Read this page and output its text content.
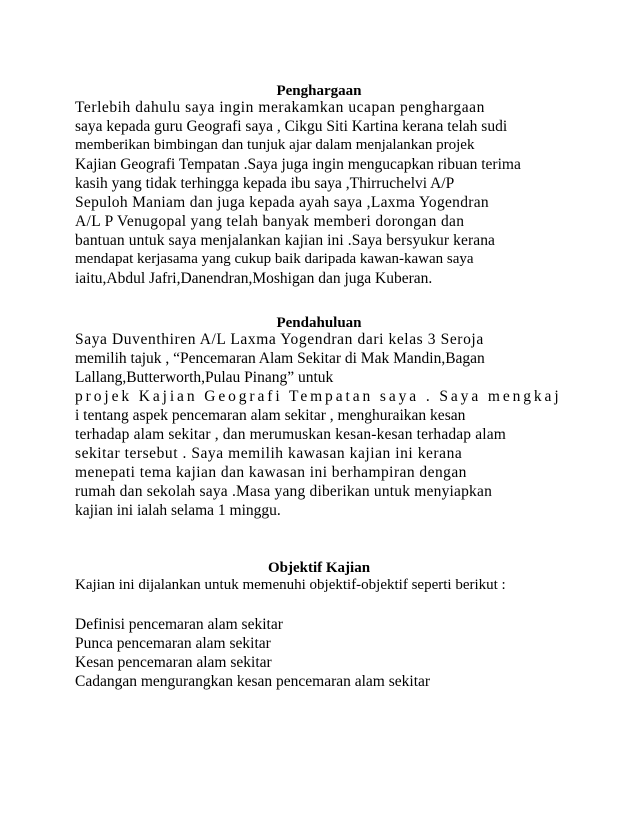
Penghargaan

Terlebih dahulu saya ingin merakamkan ucapan penghargaan

saya kepada guru Geografi saya , Cikgu Siti Kartina kerana telah sudi

memberikan bimbingan dan tunjuk ajar dalam menjalankan projek

Kajian Geografi Tempatan .Saya juga ingin mengucapkan ribuan terima

kasih yang tidak terhingga kepada ibu saya ,Thirruchelvi A/P

Sepuloh Maniam dan juga kepada ayah saya ,Laxma Yogendran

A/L P Venugopal yang telah banyak memberi dorongan dan

bantuan untuk saya menjalankan kajian ini .Saya bersyukur kerana

mendapat kerjasama yang cukup baik daripada kawan-kawan saya

iaitu,Abdul Jafri,Danendran,Moshigan dan juga Kuberan.

Pendahuluan

Saya Duventhiren A/L Laxma Yogendran dari kelas 3 Seroja

memilih tajuk , “Pencemaran Alam Sekitar di Mak Mandin,Bagan

Lallang,Butterworth,Pulau Pinang” untuk

projek Kajian Geografi Tempatan saya . Saya mengkaj

i tentang aspek pencemaran alam sekitar , menghuraikan kesan

terhadap alam sekitar , dan merumuskan kesan-kesan terhadap alam

sekitar tersebut . Saya memilih kawasan kajian ini kerana

menepati tema kajian dan kawasan ini berhampiran dengan

rumah dan sekolah saya .Masa yang diberikan untuk menyiapkan

kajian ini ialah selama 1 minggu.

Objektif Kajian

Kajian ini dijalankan untuk memenuhi objektif-objektif seperti berikut :

Definisi pencemaran alam sekitar

Punca pencemaran alam sekitar

Kesan pencemaran alam sekitar

Cadangan mengurangkan kesan pencemaran alam sekitar
